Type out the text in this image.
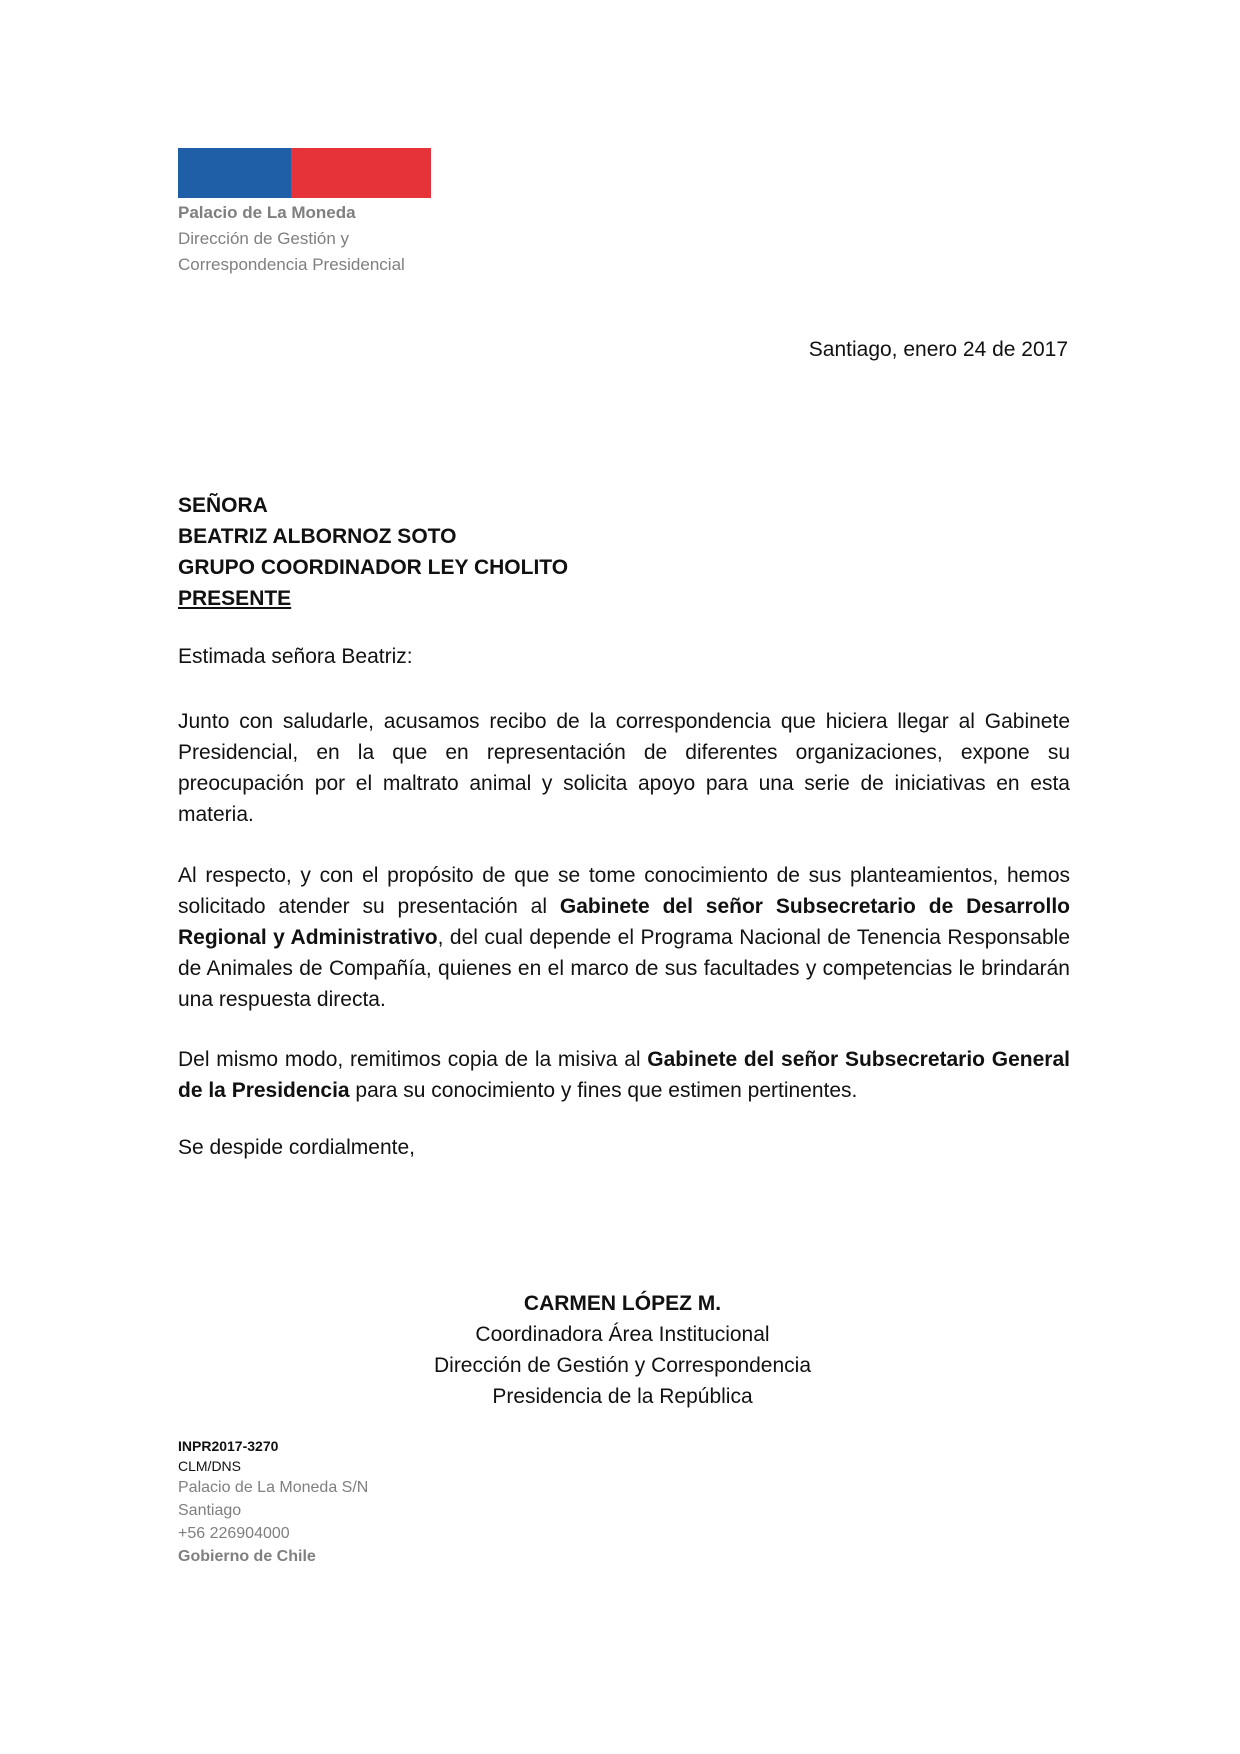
Palacio de La Moneda
Dirección de Gestión y
Correspondencia Presidencial
Santiago, enero 24 de 2017
SEÑORA
BEATRIZ ALBORNOZ SOTO
GRUPO COORDINADOR LEY CHOLITO
PRESENTE
Estimada señora Beatriz:

Junto con saludarle, acusamos recibo de la correspondencia que hiciera llegar al Gabinete Presidencial, en la que en representación de diferentes organizaciones, expone su preocupación por el maltrato animal y solicita apoyo para una serie de iniciativas en esta materia.

Al respecto, y con el propósito de que se tome conocimiento de sus planteamientos, hemos solicitado atender su presentación al Gabinete del señor Subsecretario de Desarrollo Regional y Administrativo, del cual depende el Programa Nacional de Tenencia Responsable de Animales de Compañía, quienes en el marco de sus facultades y competencias le brindarán una respuesta directa.

Del mismo modo, remitimos copia de la misiva al Gabinete del señor Subsecretario General de la Presidencia para su conocimiento y fines que estimen pertinentes.

Se despide cordialmente,
CARMEN LÓPEZ M.
Coordinadora Área Institucional
Dirección de Gestión y Correspondencia
Presidencia de la República
INPR2017-3270
CLM/DNS
Palacio de La Moneda S/N
Santiago
+56 226904000
Gobierno de Chile
